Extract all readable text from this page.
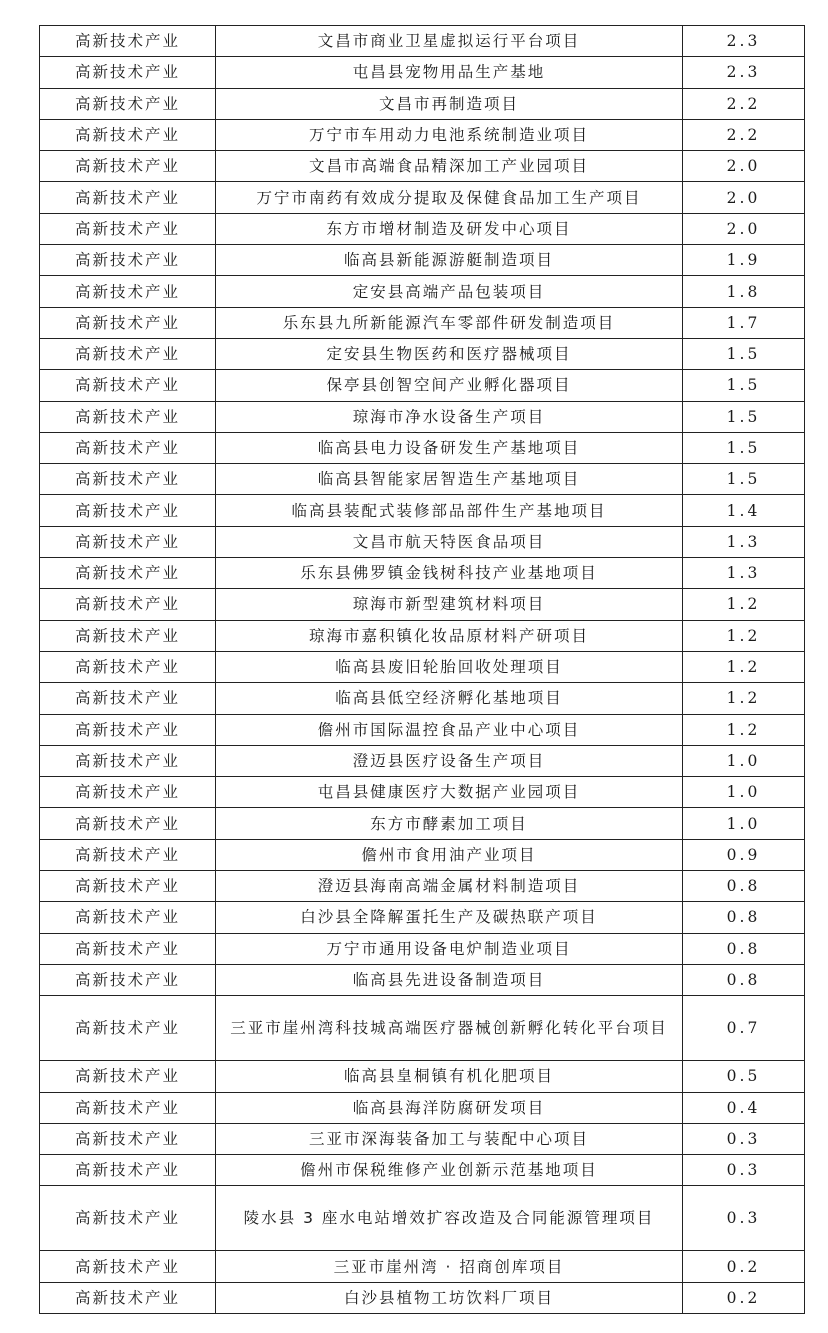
高新技术产业	文昌市商业卫星虚拟运行平台项目	2.3
高新技术产业	屯昌县宠物用品生产基地	2.3
高新技术产业	文昌市再制造项目	2.2
高新技术产业	万宁市车用动力电池系统制造业项目	2.2
高新技术产业	文昌市高端食品精深加工产业园项目	2.0
高新技术产业	万宁市南药有效成分提取及保健食品加工生产项目	2.0
高新技术产业	东方市增材制造及研发中心项目	2.0
高新技术产业	临高县新能源游艇制造项目	1.9
高新技术产业	定安县高端产品包装项目	1.8
高新技术产业	乐东县九所新能源汽车零部件研发制造项目	1.7
高新技术产业	定安县生物医药和医疗器械项目	1.5
高新技术产业	保亭县创智空间产业孵化器项目	1.5
高新技术产业	琼海市净水设备生产项目	1.5
高新技术产业	临高县电力设备研发生产基地项目	1.5
高新技术产业	临高县智能家居智造生产基地项目	1.5
高新技术产业	临高县装配式装修部品部件生产基地项目	1.4
高新技术产业	文昌市航天特医食品项目	1.3
高新技术产业	乐东县佛罗镇金钱树科技产业基地项目	1.3
高新技术产业	琼海市新型建筑材料项目	1.2
高新技术产业	琼海市嘉积镇化妆品原材料产研项目	1.2
高新技术产业	临高县废旧轮胎回收处理项目	1.2
高新技术产业	临高县低空经济孵化基地项目	1.2
高新技术产业	儋州市国际温控食品产业中心项目	1.2
高新技术产业	澄迈县医疗设备生产项目	1.0
高新技术产业	屯昌县健康医疗大数据产业园项目	1.0
高新技术产业	东方市酵素加工项目	1.0
高新技术产业	儋州市食用油产业项目	0.9
高新技术产业	澄迈县海南高端金属材料制造项目	0.8
高新技术产业	白沙县全降解蛋托生产及碳热联产项目	0.8
高新技术产业	万宁市通用设备电炉制造业项目	0.8
高新技术产业	临高县先进设备制造项目	0.8
高新技术产业	三亚市崖州湾科技城高端医疗器械创新孵化转化平台项目	0.7
高新技术产业	临高县皇桐镇有机化肥项目	0.5
高新技术产业	临高县海洋防腐研发项目	0.4
高新技术产业	三亚市深海装备加工与装配中心项目	0.3
高新技术产业	儋州市保税维修产业创新示范基地项目	0.3
高新技术产业	陵水县 3 座水电站增效扩容改造及合同能源管理项目	0.3
高新技术产业	三亚市崖州湾 · 招商创库项目	0.2
高新技术产业	白沙县植物工坊饮料厂项目	0.2
